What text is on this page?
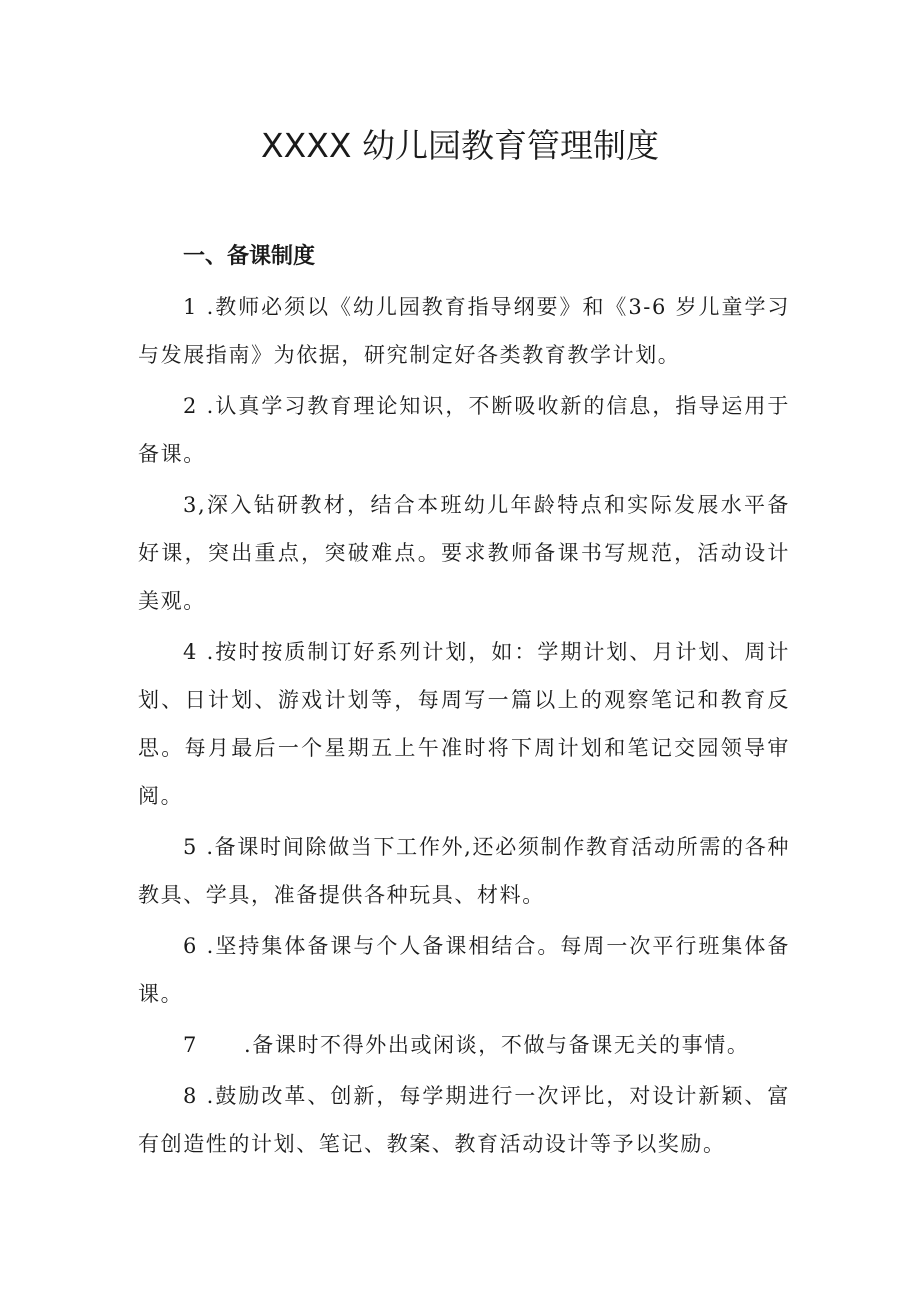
XXXX 幼儿园教育管理制度
一、备课制度

1 .教师必须以《幼儿园教育指导纲要》和《3-6 岁儿童学习与发展指南》为依据，研究制定好各类教育教学计划。

2 .认真学习教育理论知识，不断吸收新的信息，指导运用于备课。

3,深入钻研教材，结合本班幼儿年龄特点和实际发展水平备好课，突出重点，突破难点。要求教师备课书写规范，活动设计美观。

4 .按时按质制订好系列计划，如：学期计划、月计划、周计划、日计划、游戏计划等，每周写一篇以上的观察笔记和教育反思。每月最后一个星期五上午准时将下周计划和笔记交园领导审阅。

5 .备课时间除做当下工作外,还必须制作教育活动所需的各种教具、学具，准备提供各种玩具、材料。

6 .坚持集体备课与个人备课相结合。每周一次平行班集体备课。

7 .备课时不得外出或闲谈，不做与备课无关的事情。

8 .鼓励改革、创新，每学期进行一次评比，对设计新颖、富有创造性的计划、笔记、教案、教育活动设计等予以奖励。
